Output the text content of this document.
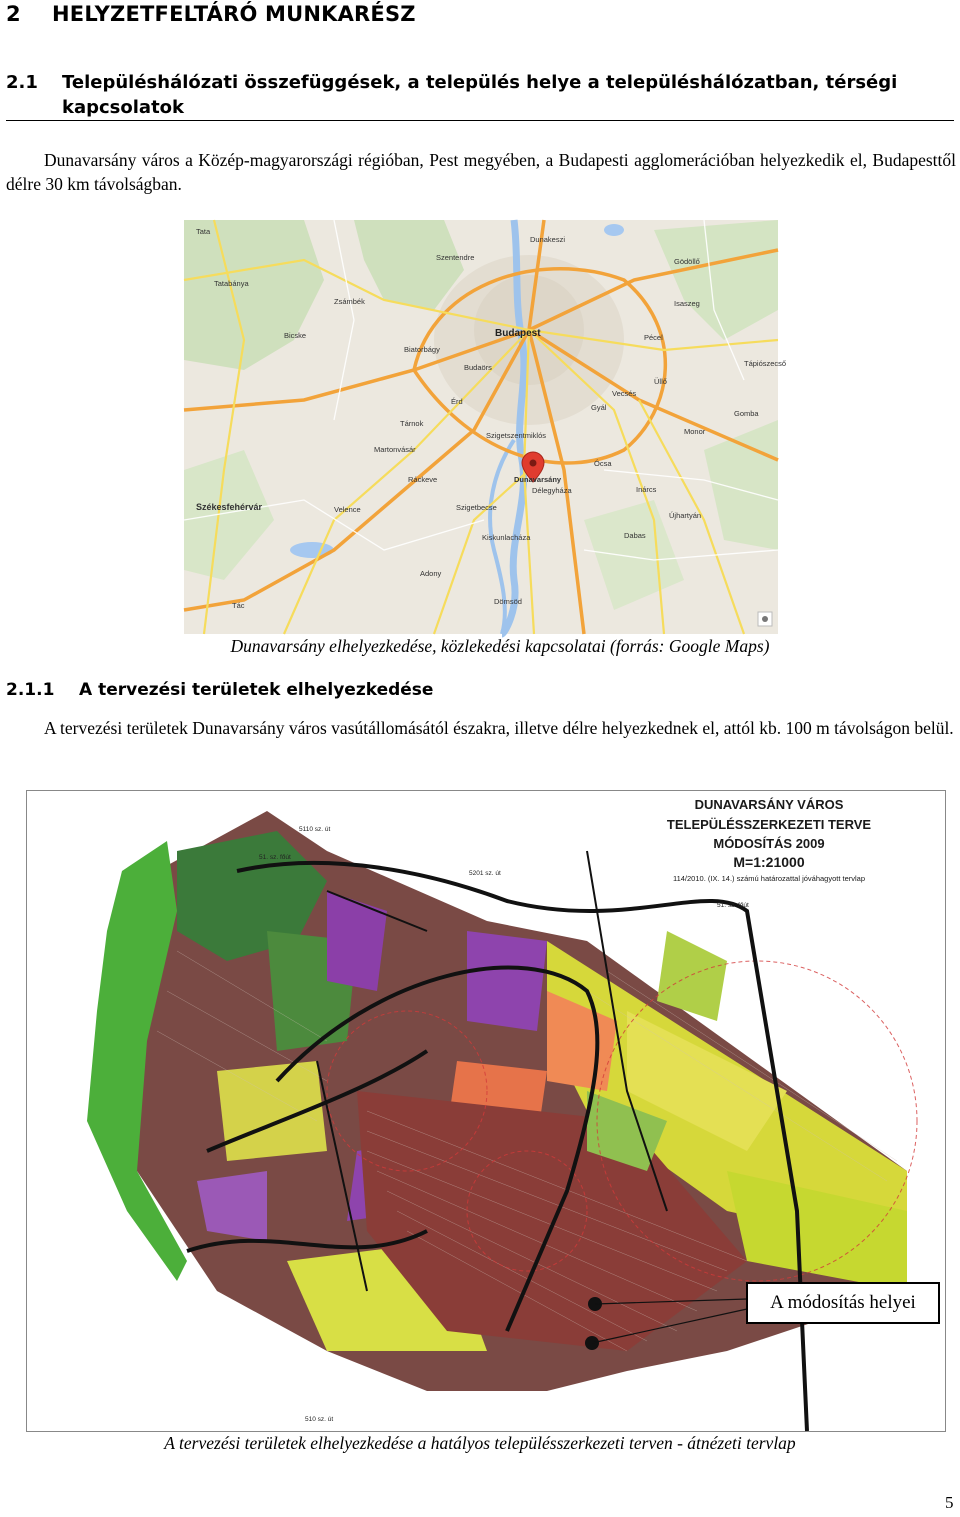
2 HELYZETFELTÁRÓ MUNKARÉSZ
2.1 Településhálózati összefüggések, a település helye a településhálózatban, térségi
kapcsolatok
Dunavarsány város a Közép-magyarországi régióban, Pest megyében, a Budapesti agglomerációban helyezkedik el, Budapesttől délre 30 km távolságban.
Tata
Tatabánya
Székesfehérvár
Dunakeszi
Gödöllő
Budapest
Érd
Szigetszentmiklós
Dunavarsány
Délegyháza
Ráckeve
Ócsa
Monor
Gyál
Velence
Biatorbágy
Budaörs
Vecsés
Pécel
Szentendre
Dabas
Kiskunlacháza
Tác	Dömsöd
Adony
Üllő
Gomba
Zsámbék
Bicske
Martonvásár
Tárnok
Szigetbecse
Inárcs
Újhartyán
Isaszeg
Tápiószecső
Dunavarsány elhelyezkedése, közlekedési kapcsolatai (forrás: Google Maps)
2.1.1 A tervezési területek elhelyezkedése
A tervezési területek Dunavarsány város vasútállomásától északra, illetve délre helyezkednek el, attól kb. 100 m távolságon belül.
DUNAVARSÁNY VÁROS
TELEPÜLÉSSZERKEZETI TERVE
MÓDOSÍTÁS 2009
M=1:21000
114/2010. (IX. 14.) számú határozattal jóváhagyott tervlap
5110 sz. út
51. sz. főút
5201 sz. út
51. sz. főút
510 sz. út
A módosítás helyei
A tervezési területek elhelyezkedése a hatályos településszerkezeti terven - átnézeti tervlap
5
